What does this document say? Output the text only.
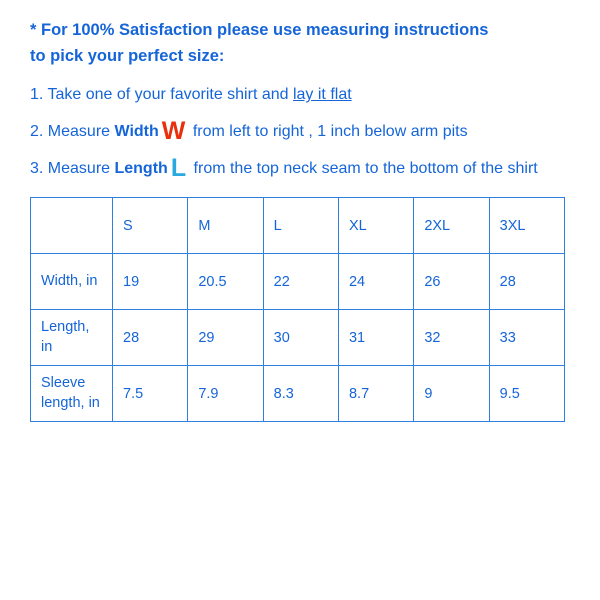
* For 100% Satisfaction please use measuring instructions
to pick your perfect size:

1. Take one of your favorite shirt and lay it flat

2. Measure Width W from left to right , 1 inch below arm pits

3. Measure Length L from the top neck seam to the bottom of the shirt

	S	M	L	XL	2XL	3XL
Width, in	19	20.5	22	24	26	28
Length, in	28	29	30	31	32	33
Sleeve length, in	7.5	7.9	8.3	8.7	9	9.5
